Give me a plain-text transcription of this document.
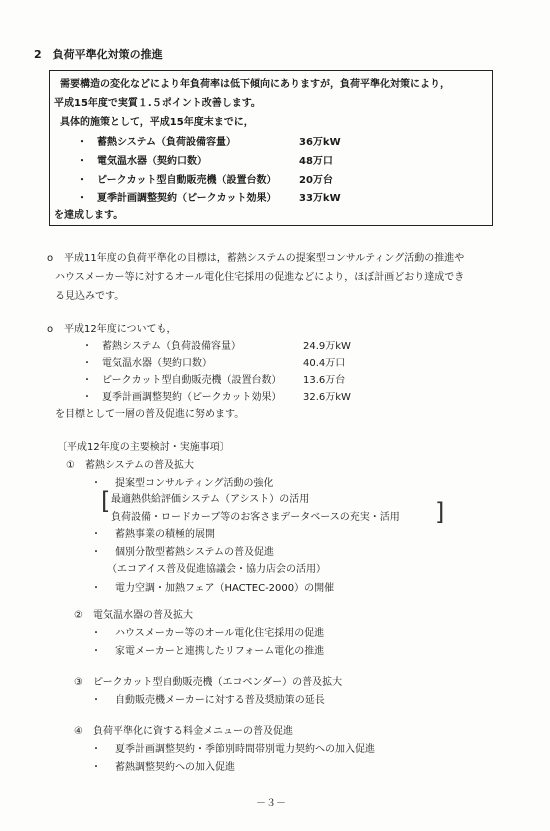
2　負荷平準化対策の推進
需要構造の変化などにより年負荷率は低下傾向にありますが，負荷平準化対策により，
平成15年度で実質１.５ポイント改善します。
具体的施策として，平成15年度末までに，
・ 蓄熱システム（負荷設備容量）	36万kW
・ 電気温水器（契約口数）	48万口
・ ピークカット型自動販売機（設置台数） 20万台
・ 夏季計画調整契約（ピークカット効果） 33万kW
を達成します。
o 平成11年度の負荷平準化の目標は，蓄熱システムの提案型コンサルティング活動の推進や
ハウスメーカー等に対するオール電化住宅採用の促進などにより，ほぼ計画どおり達成でき
る見込みです。
o 平成12年度についても，
・ 蓄熱システム（負荷設備容量）	24.9万kW
・ 電気温水器（契約口数）	40.4万口
・ ピークカット型自動販売機（設置台数） 13.6万台
・ 夏季計画調整契約（ピークカット効果） 32.6万kW
を目標として一層の普及促進に努めます。
〔平成12年度の主要検討・実施事項〕
①　蓄熱システムの普及拡大
・ 提案型コンサルティング活動の強化
[ 最適熱供給評価システム（アシスト）の活用
負荷設備・ロードカーブ等のお客さまデータベースの充実・活用 ]
・ 蓄熱事業の積極的展開
・ 個別分散型蓄熱システムの普及促進
（エコアイス普及促進協議会・協力店会の活用）
・ 電力空調・加熱フェア（HACTEC-2000）の開催
②　電気温水器の普及拡大
・ ハウスメーカー等のオール電化住宅採用の促進
・ 家電メーカーと連携したリフォーム電化の推進
③　ピークカット型自動販売機（エコベンダー）の普及拡大
・ 自動販売機メーカーに対する普及奨励策の延長
④　負荷平準化に資する料金メニューの普及促進
・ 夏季計画調整契約・季節別時間帯別電力契約への加入促進
・ 蓄熱調整契約への加入促進
－３－
